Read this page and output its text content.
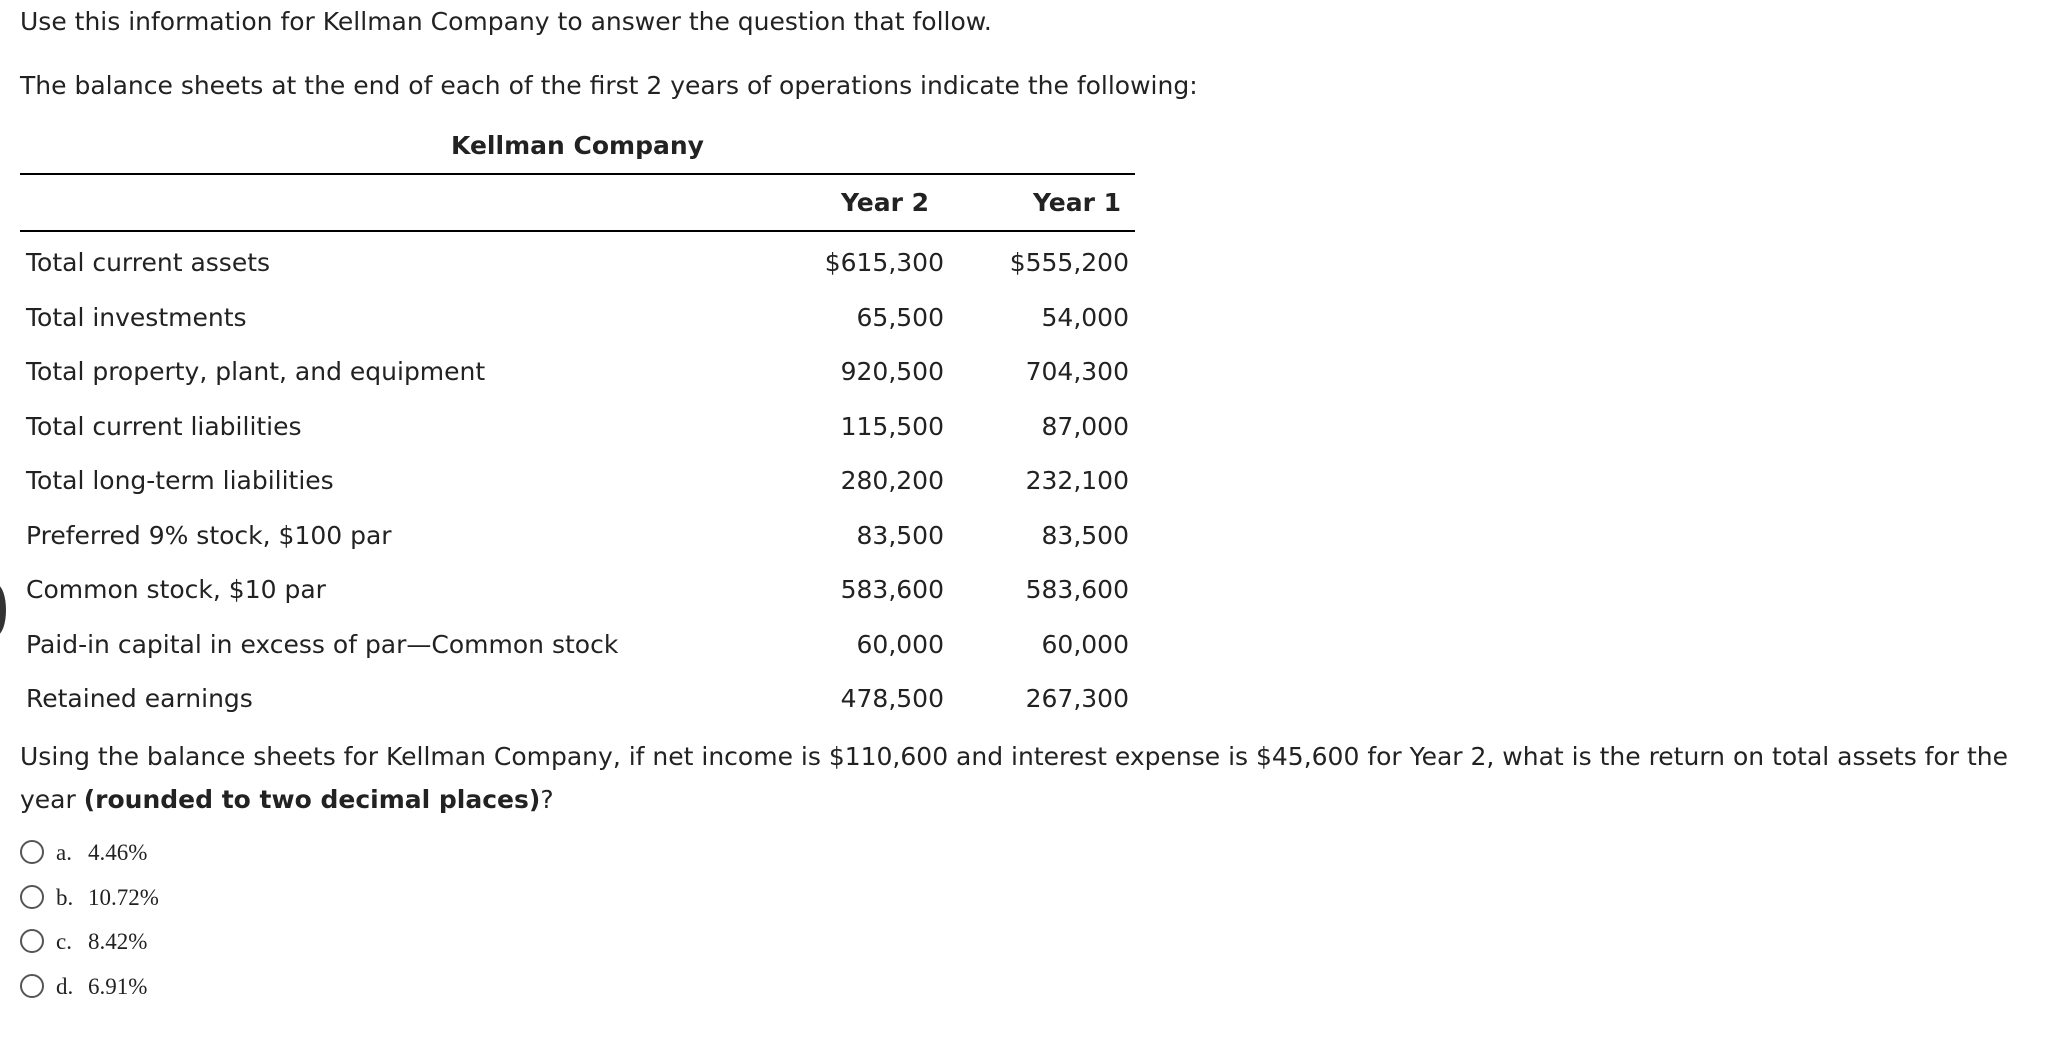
Use this information for Kellman Company to answer the question that follow.
The balance sheets at the end of each of the first 2 years of operations indicate the following:
Kellman Company
Year 2	Year 1
Total current assets	$615,300	$555,200
Total investments	65,500	54,000
Total property, plant, and equipment	920,500	704,300
Total current liabilities	115,500	87,000
Total long-term liabilities	280,200	232,100
Preferred 9% stock, $100 par	83,500	83,500
Common stock, $10 par	583,600	583,600
Paid-in capital in excess of par—Common stock	60,000	60,000
Retained earnings	478,500	267,300
Using the balance sheets for Kellman Company, if net income is $110,600 and interest expense is $45,600 for Year 2, what is the return on total assets for the year (rounded to two decimal places)?
a. 4.46%
b. 10.72%
c. 8.42%
d. 6.91%
